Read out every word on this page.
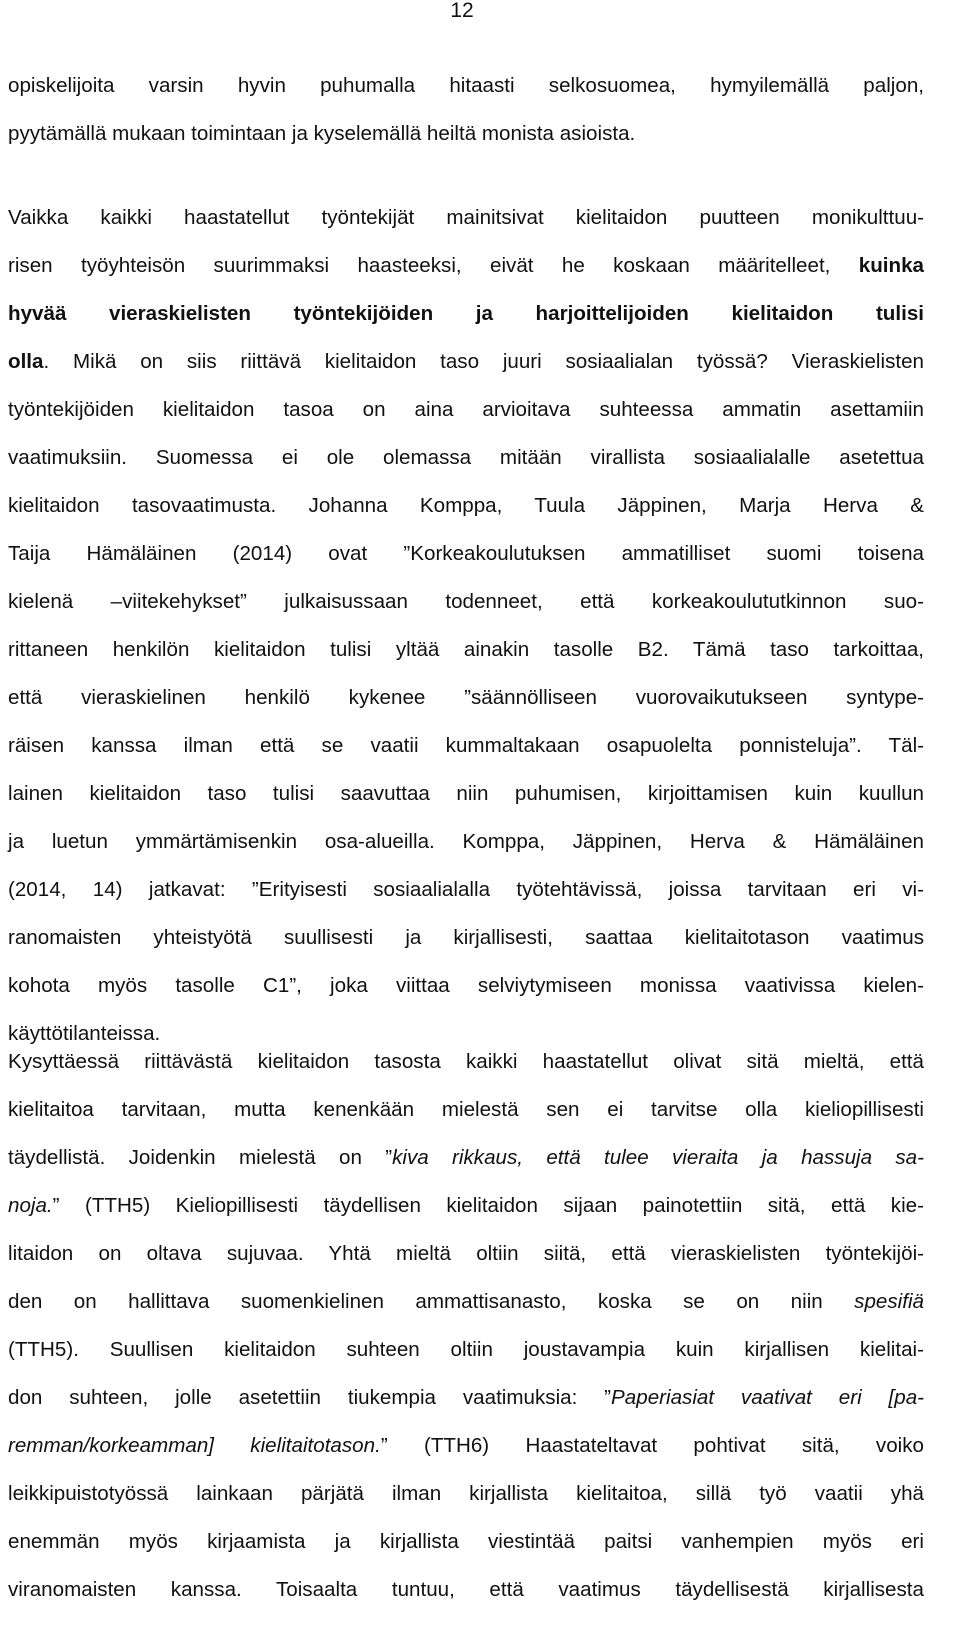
12
opiskelijoita varsin hyvin puhumalla hitaasti selkosuomea, hymyilemällä paljon,
pyytämällä mukaan toimintaan ja kyselemällä heiltä monista asioista.
Vaikka kaikki haastatellut työntekijät mainitsivat kielitaidon puutteen monikulttuu-
risen työyhteisön suurimmaksi haasteeksi, eivät he koskaan määritelleet, kuinka
hyvää vieraskielisten työntekijöiden ja harjoittelijoiden kielitaidon tulisi
olla. Mikä on siis riittävä kielitaidon taso juuri sosiaalialan työssä? Vieraskielisten
työntekijöiden kielitaidon tasoa on aina arvioitava suhteessa ammatin asettamiin
vaatimuksiin. Suomessa ei ole olemassa mitään virallista sosiaalialalle asetettua
kielitaidon tasovaatimusta. Johanna Komppa, Tuula Jäppinen, Marja Herva &
Taija Hämäläinen (2014) ovat ”Korkeakoulutuksen ammatilliset suomi toisena
kielenä –viitekehykset” julkaisussaan todenneet, että korkeakoulututkinnon suo-
rittaneen henkilön kielitaidon tulisi yltää ainakin tasolle B2. Tämä taso tarkoittaa,
että vieraskielinen henkilö kykenee ”säännölliseen vuorovaikutukseen syntype-
räisen kanssa ilman että se vaatii kummaltakaan osapuolelta ponnisteluja”. Täl-
lainen kielitaidon taso tulisi saavuttaa niin puhumisen, kirjoittamisen kuin kuullun
ja luetun ymmärtämisenkin osa-alueilla. Komppa, Jäppinen, Herva & Hämäläinen
(2014, 14) jatkavat: ”Erityisesti sosiaalialalla työtehtävissä, joissa tarvitaan eri vi-
ranomaisten yhteistyötä suullisesti ja kirjallisesti, saattaa kielitaitotason vaatimus
kohota myös tasolle C1”, joka viittaa selviytymiseen monissa vaativissa kielen-
käyttötilanteissa.
Kysyttäessä riittävästä kielitaidon tasosta kaikki haastatellut olivat sitä mieltä, että
kielitaitoa tarvitaan, mutta kenenkään mielestä sen ei tarvitse olla kieliopillisesti
täydellistä. Joidenkin mielestä on ”kiva rikkaus, että tulee vieraita ja hassuja sa-
noja.” (TTH5) Kieliopillisesti täydellisen kielitaidon sijaan painotettiin sitä, että kie-
litaidon on oltava sujuvaa. Yhtä mieltä oltiin siitä, että vieraskielisten työntekijöi-
den on hallittava suomenkielinen ammattisanasto, koska se on niin spesifiä
(TTH5). Suullisen kielitaidon suhteen oltiin joustavampia kuin kirjallisen kielitai-
don suhteen, jolle asetettiin tiukempia vaatimuksia: ”Paperiasiat vaativat eri [pa-
remman/korkeamman] kielitaitotason.” (TTH6) Haastateltavat pohtivat sitä, voiko
leikkipuistotyössä lainkaan pärjätä ilman kirjallista kielitaitoa, sillä työ vaatii yhä
enemmän myös kirjaamista ja kirjallista viestintää paitsi vanhempien myös eri
viranomaisten kanssa. Toisaalta tuntuu, että vaatimus täydellisestä kirjallisesta
